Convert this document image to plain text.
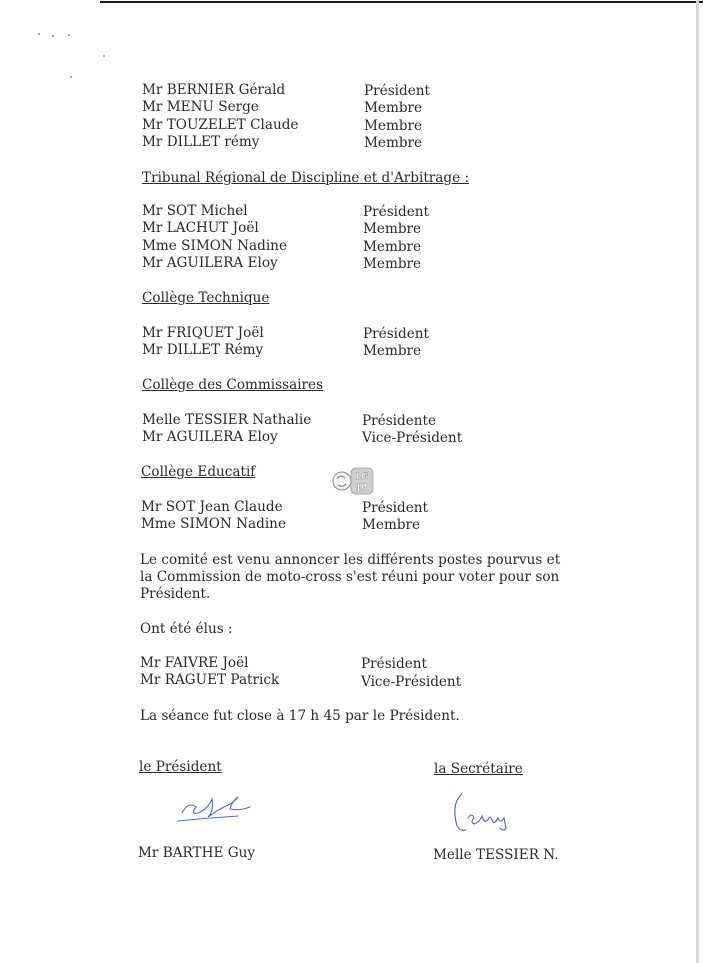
Mr BERNIER Gérald	Président
Mr MENU Serge	Membre
Mr TOUZELET Claude	Membre
Mr DILLET rémy	Membre
Tribunal Régional de Discipline et d'Arbitrage :
Mr SOT Michel	Président
Mr LACHUT Joël	Membre
Mme SIMON Nadine	Membre
Mr AGUILERA Eloy	Membre
Collège Technique
Mr FRIQUET Joël	Président
Mr DILLET Rémy	Membre
Collège des Commissaires
Melle TESSIER Nathalie	Présidente
Mr AGUILERA Eloy	Vice-Président
Collège Educatif	LG
JP
Mr SOT Jean Claude	Président
Mme SIMON Nadine	Membre
Le comité est venu annoncer les différents postes pourvus et la Commission de moto-cross s'est réuni pour voter pour son Président.
Ont été élus :
Mr FAIVRE Joël	Président
Mr RAGUET Patrick	Vice-Président
La séance fut close à 17 h 45 par le Président.
le Président	la Secrétaire
Mr BARTHE Guy	Melle TESSIER N.
